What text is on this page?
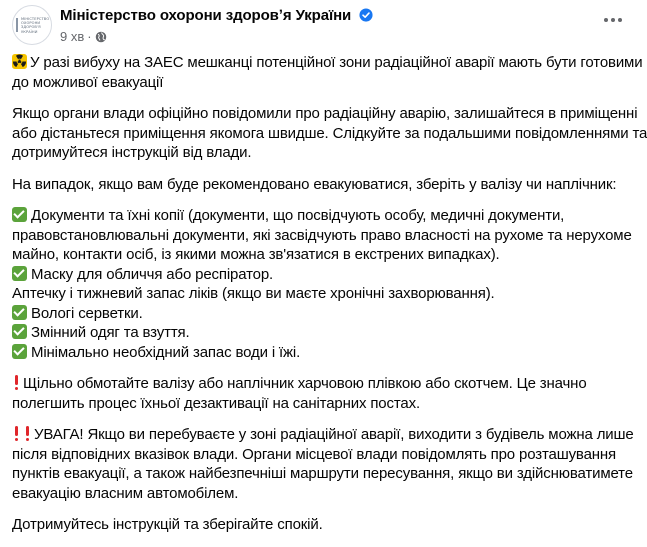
МІНІСТЕРСТВО
ОХОРОНИ
ЗДОРОВ'Я
УКРАЇНИ
Міністерство охорони здоровʼя України
9 хв ·
У разі вибуху на ЗАЕС мешканці потенційної зони радіаційної аварії мають бути готовими
до можливої евакуації
Якщо органи влади офіційно повідомили про радіаційну аварію, залишайтеся в приміщенні
або дістаньтеся приміщення якомога швидше. Слідкуйте за подальшими повідомленнями та
дотримуйтеся інструкцій від влади.
На випадок, якщо вам буде рекомендовано евакуюватися, зберіть у валізу чи наплічник:
Документи та їхні копії (документи, що посвідчують особу, медичні документи,
правовстановлювальні документи, які засвідчують право власності на рухоме та нерухоме
майно, контакти осіб, із якими можна зв'язатися в екстрених випадках).
Маску для обличчя або респіратор.
Аптечку і тижневий запас ліків (якщо ви маєте хронічні захворювання).
Вологі серветки.
Змінний одяг та взуття.
Мінімально необхідний запас води і їжі.
Щільно обмотайте валізу або наплічник харчовою плівкою або скотчем. Це значно
полегшить процес їхньої дезактивації на санітарних постах.
УВАГА! Якщо ви перебуваєте у зоні радіаційної аварії, виходити з будівель можна лише
після відповідних вказівок влади. Органи місцевої влади повідомлять про розташування
пунктів евакуації, а також найбезпечніші маршрути пересування, якщо ви здійснюватимете
евакуацію власним автомобілем.
Дотримуйтесь інструкцій та зберігайте спокій.
